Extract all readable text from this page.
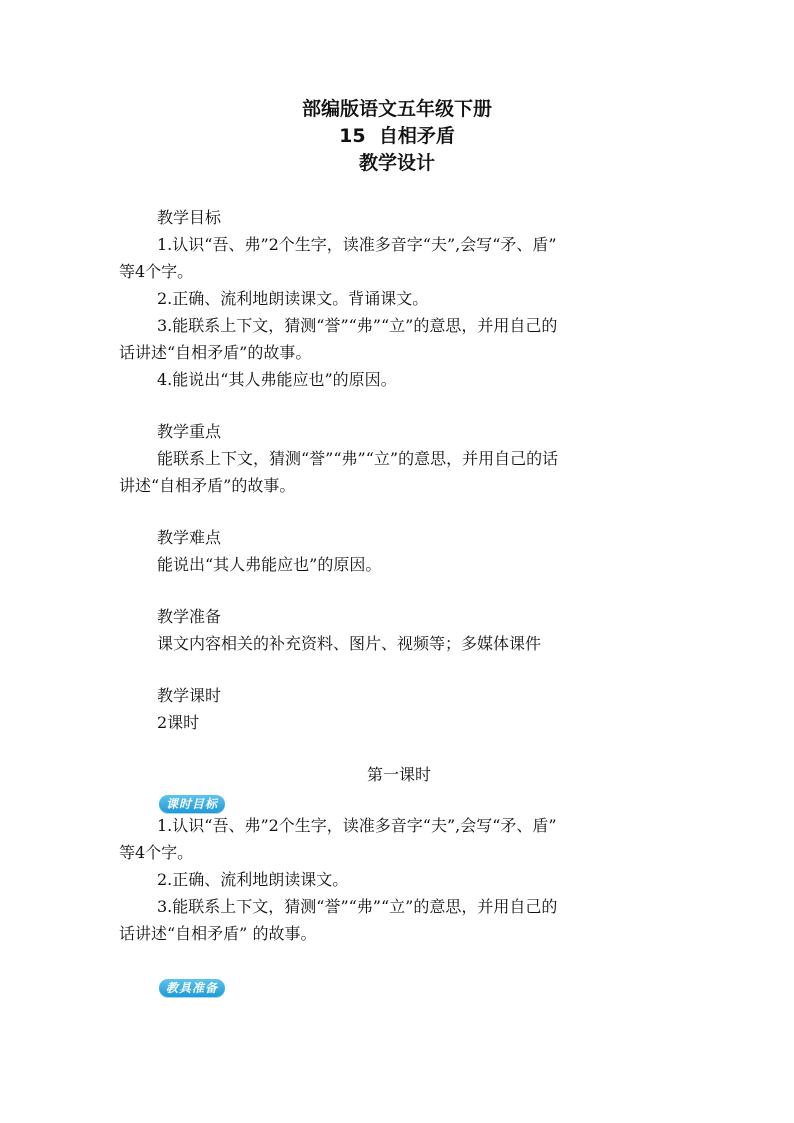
部编版语文五年级下册
15  自相矛盾
教学设计
教学目标
1.认识“吾、弗”2个生字，读准多音字“夫”,会写“矛、盾”
等4个字。
2.正确、流利地朗读课文。背诵课文。
3.能联系上下文，猜测“誉”“弗”“立”的意思，并用自己的
话讲述“自相矛盾”的故事。
4.能说出“其人弗能应也”的原因。
教学重点
能联系上下文，猜测“誉”“弗”“立”的意思，并用自己的话
讲述“自相矛盾”的故事。
教学难点
能说出“其人弗能应也”的原因。
教学准备
课文内容相关的补充资料、图片、视频等；多媒体课件
教学课时
2课时
第一课时
课时目标
1.认识“吾、弗”2个生字，读准多音字“夫”,会写“矛、盾”
等4个字。
2.正确、流利地朗读课文。
3.能联系上下文，猜测“誉”“弗”“立”的意思，并用自己的
话讲述“自相矛盾” 的故事。
教具准备
